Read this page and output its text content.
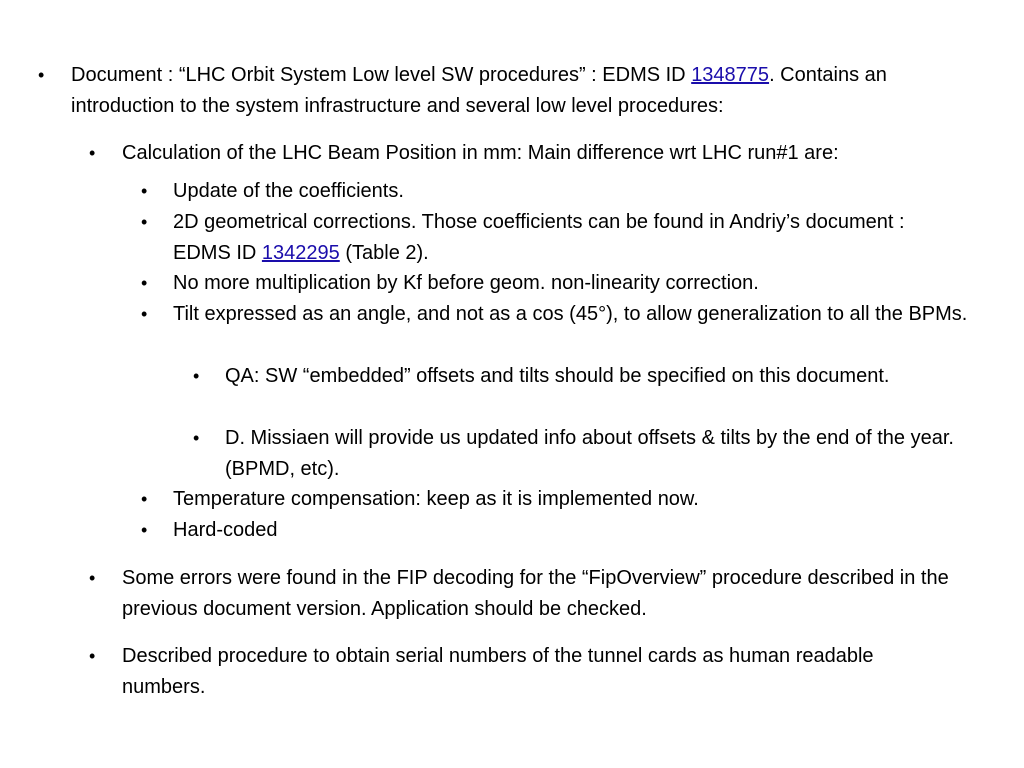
• Document : “LHC Orbit System Low level SW procedures” : EDMS ID 1348775. Contains an introduction to the system infrastructure and several low level procedures:

• Calculation of the LHC Beam Position in mm: Main difference wrt LHC run#1 are:

• Update of the coefficients.

• 2D geometrical corrections. Those coefficients can be found in Andriy’s document : EDMS ID 1342295 (Table 2).

• No more multiplication by Kf before geom. non-linearity correction.

• Tilt expressed as an angle, and not as a cos (45°), to allow generalization to all the BPMs.

• QA: SW “embedded” offsets and tilts should be specified on this document.

• D. Missiaen will provide us updated info about offsets & tilts by the end of the year. (BPMD, etc).

• Temperature compensation: keep as it is implemented now.

• Hard-coded

• Some errors were found in the FIP decoding for the “FipOverview” procedure described in the previous document version. Application should be checked.

• Described procedure to obtain serial numbers of the tunnel cards as human readable numbers.
